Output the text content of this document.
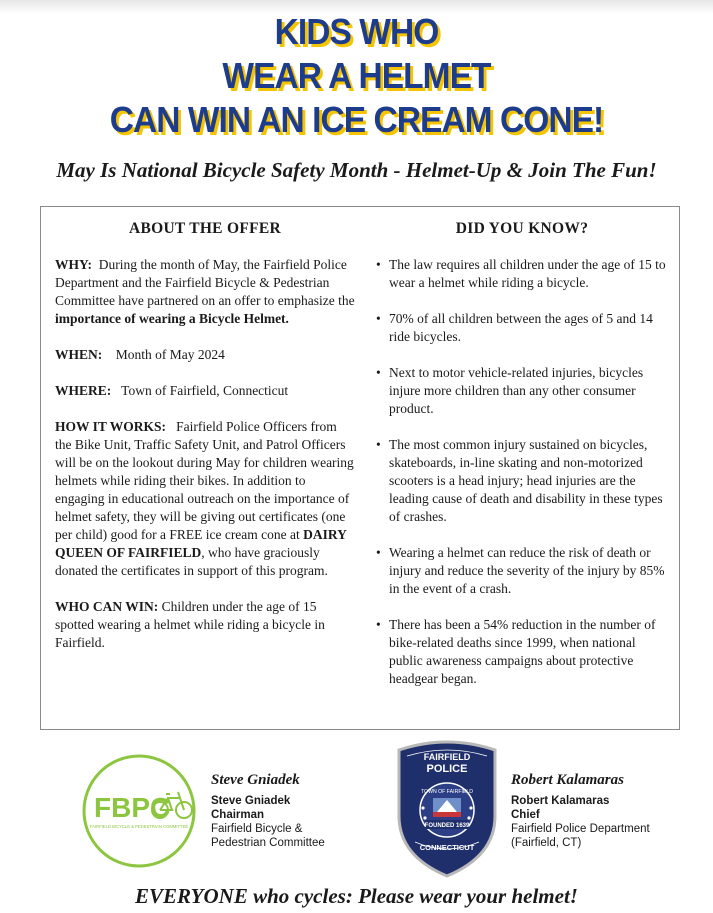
KIDS WHO
WEAR A HELMET
CAN WIN AN ICE CREAM CONE!
May Is National Bicycle Safety Month - Helmet-Up & Join The Fun!
ABOUT THE OFFER

WHY: During the month of May, the Fairfield Police Department and the Fairfield Bicycle & Pedestrian Committee have partnered on an offer to emphasize the importance of wearing a Bicycle Helmet.

WHEN: Month of May 2024

WHERE: Town of Fairfield, Connecticut

HOW IT WORKS: Fairfield Police Officers from the Bike Unit, Traffic Safety Unit, and Patrol Officers will be on the lookout during May for children wearing helmets while riding their bikes. In addition to engaging in educational outreach on the importance of helmet safety, they will be giving out certificates (one per child) good for a FREE ice cream cone at DAIRY QUEEN OF FAIRFIELD, who have graciously donated the certificates in support of this program.

WHO CAN WIN: Children under the age of 15 spotted wearing a helmet while riding a bicycle in Fairfield.

DID YOU KNOW?
• The law requires all children under the age of 15 to wear a helmet while riding a bicycle.
• 70% of all children between the ages of 5 and 14 ride bicycles.
• Next to motor vehicle-related injuries, bicycles injure more children than any other consumer product.
• The most common injury sustained on bicycles, skateboards, in-line skating and non-motorized scooters is a head injury; head injuries are the leading cause of death and disability in these types of crashes.
• Wearing a helmet can reduce the risk of death or injury and reduce the severity of the injury by 85% in the event of a crash.
• There has been a 54% reduction in the number of bike-related deaths since 1999, when national public awareness campaigns about protective headgear began.
FBPC
FAIRFIELD BICYCLE & PEDESTRIAN COMMITTEE
Steve Gniadek
Steve Gniadek
Chairman
Fairfield Bicycle &
Pedestrian Committee
FAIRFIELD
POLICE
TOWN OF FAIRFIELD
FOUNDED 1639
CONNECTICUT
Robert Kalamaras
Robert Kalamaras
Chief
Fairfield Police Department
(Fairfield, CT)
EVERYONE who cycles: Please wear your helmet!
